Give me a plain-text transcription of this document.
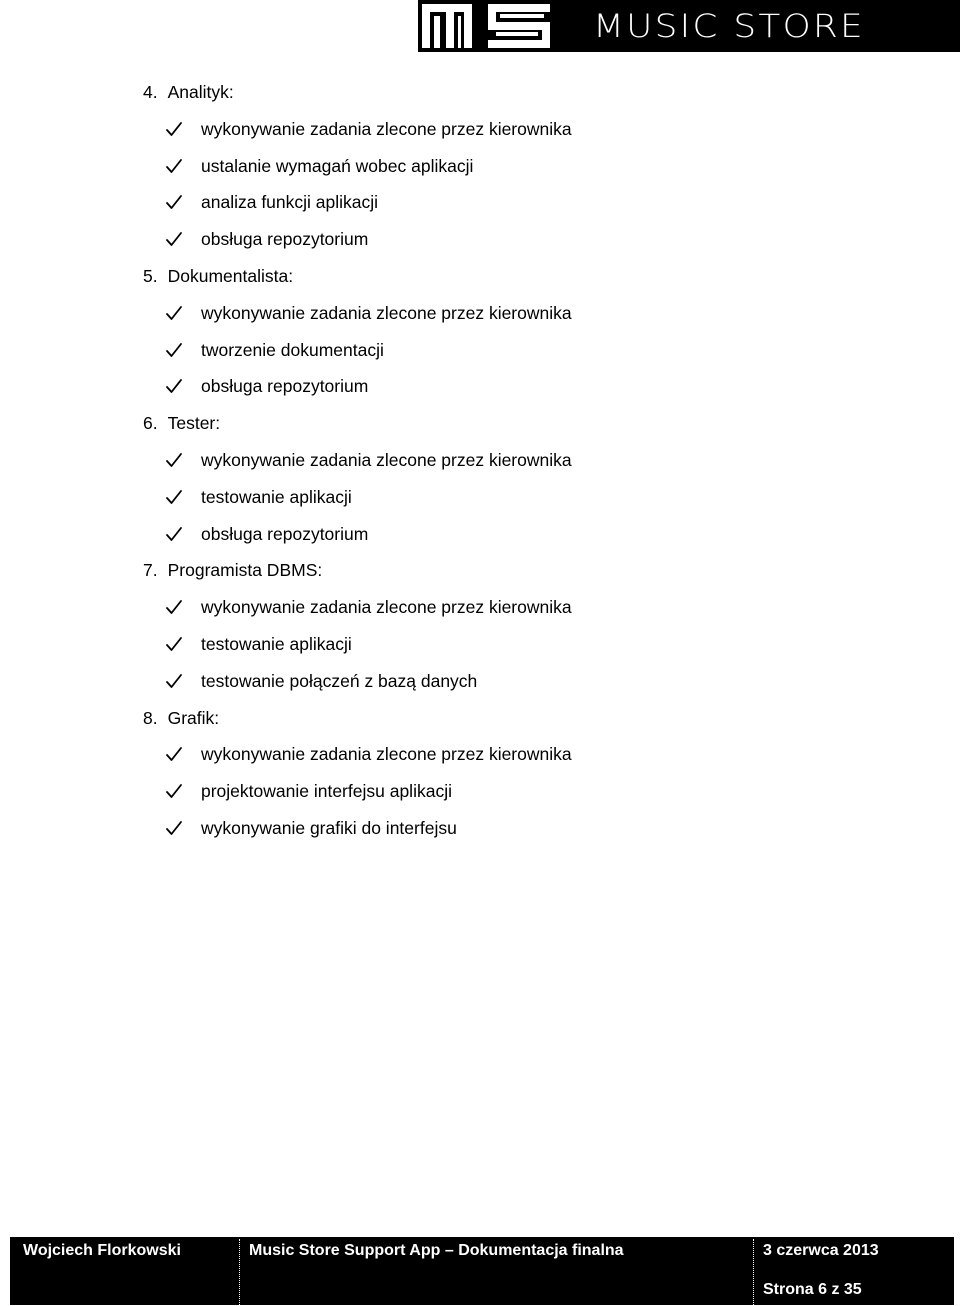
MUSIC STORE
4. Analityk:
wykonywanie zadania zlecone przez kierownika
ustalanie wymagań wobec aplikacji
analiza funkcji aplikacji
obsługa repozytorium
5. Dokumentalista:
wykonywanie zadania zlecone przez kierownika
tworzenie dokumentacji
obsługa repozytorium
6. Tester:
wykonywanie zadania zlecone przez kierownika
testowanie aplikacji
obsługa repozytorium
7. Programista DBMS:
wykonywanie zadania zlecone przez kierownika
testowanie aplikacji
testowanie połączeń z bazą danych
8. Grafik:
wykonywanie zadania zlecone przez kierownika
projektowanie interfejsu aplikacji
wykonywanie grafiki do interfejsu
Wojciech Florkowski	Music Store Support App – Dokumentacja finalna	3 czerwca 2013
Strona 6 z 35
